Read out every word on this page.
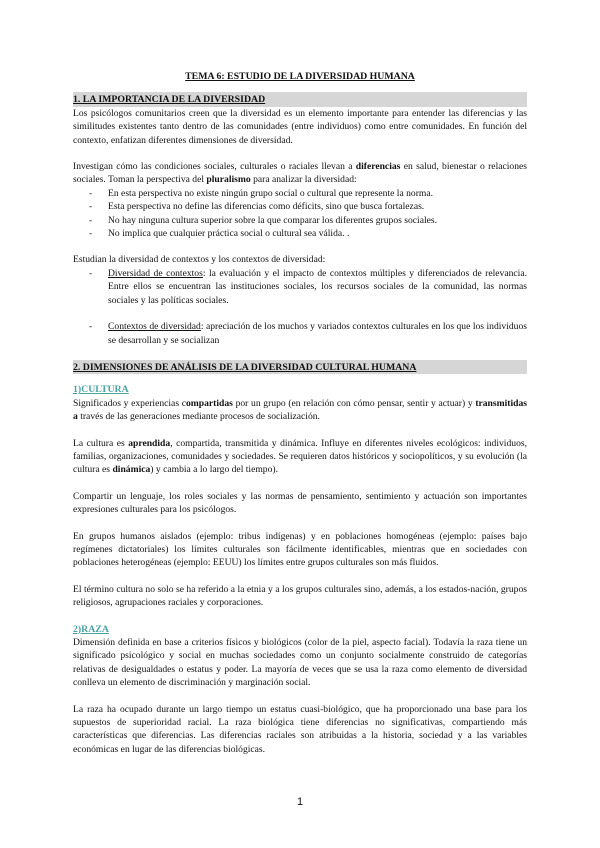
TEMA 6: ESTUDIO DE LA DIVERSIDAD HUMANA
1. LA IMPORTANCIA DE LA DIVERSIDAD

Los psicólogos comunitarios creen que la diversidad es un elemento importante para entender las diferencias y las similitudes existentes tanto dentro de las comunidades (entre individuos) como entre comunidades. En función del contexto, enfatizan diferentes dimensiones de diversidad.

Investigan cómo las condiciones sociales, culturales o raciales llevan a diferencias en salud, bienestar o relaciones sociales. Toman la perspectiva del pluralismo para analizar la diversidad:

- En esta perspectiva no existe ningún grupo social o cultural que represente la norma.
- Esta perspectiva no define las diferencias como déficits, sino que busca fortalezas.
- No hay ninguna cultura superior sobre la que comparar los diferentes grupos sociales.
- No implica que cualquier práctica social o cultural sea válida. .

Estudian la diversidad de contextos y los contextos de diversidad:

- Diversidad de contextos: la evaluación y el impacto de contextos múltiples y diferenciados de relevancia. Entre ellos se encuentran las instituciones sociales, los recursos sociales de la comunidad, las normas sociales y las políticas sociales.
- Contextos de diversidad: apreciación de los muchos y variados contextos culturales en los que los individuos se desarrollan y se socializan
2. DIMENSIONES DE ANÁLISIS DE LA DIVERSIDAD CULTURAL HUMANA
1)CULTURA

Significados y experiencias compartidas por un grupo (en relación con cómo pensar, sentir y actuar) y transmitidas a través de las generaciones mediante procesos de socialización.

La cultura es aprendida, compartida, transmitida y dinámica. Influye en diferentes niveles ecológicos: individuos, familias, organizaciones, comunidades y sociedades. Se requieren datos históricos y sociopolíticos, y su evolución (la cultura es dinámica) y cambia a lo largo del tiempo).

Compartir un lenguaje, los roles sociales y las normas de pensamiento, sentimiento y actuación son importantes expresiones culturales para los psicólogos.

En grupos humanos aislados (ejemplo: tribus indígenas) y en poblaciones homogéneas (ejemplo: países bajo regímenes dictatoriales) los límites culturales son fácilmente identificables, mientras que en sociedades con poblaciones heterogéneas (ejemplo: EEUU) los límites entre grupos culturales son más fluidos.

El término cultura no solo se ha referido a la etnia y a los grupos culturales sino, además, a los estados-nación, grupos religiosos, agrupaciones raciales y corporaciones.

2)RAZA

Dimensión definida en base a criterios físicos y biológicos (color de la piel, aspecto facial). Todavía la raza tiene un significado psicológico y social en muchas sociedades como un conjunto socialmente construido de categorías relativas de desigualdades o estatus y poder. La mayoría de veces que se usa la raza como elemento de diversidad conlleva un elemento de discriminación y marginación social.

La raza ha ocupado durante un largo tiempo un estatus cuasi-biológico, que ha proporcionado una base para los supuestos de superioridad racial. La raza biológica tiene diferencias no significativas, compartiendo más características que diferencias. Las diferencias raciales son atribuidas a la historia, sociedad y a las variables económicas en lugar de las diferencias biológicas.

1
